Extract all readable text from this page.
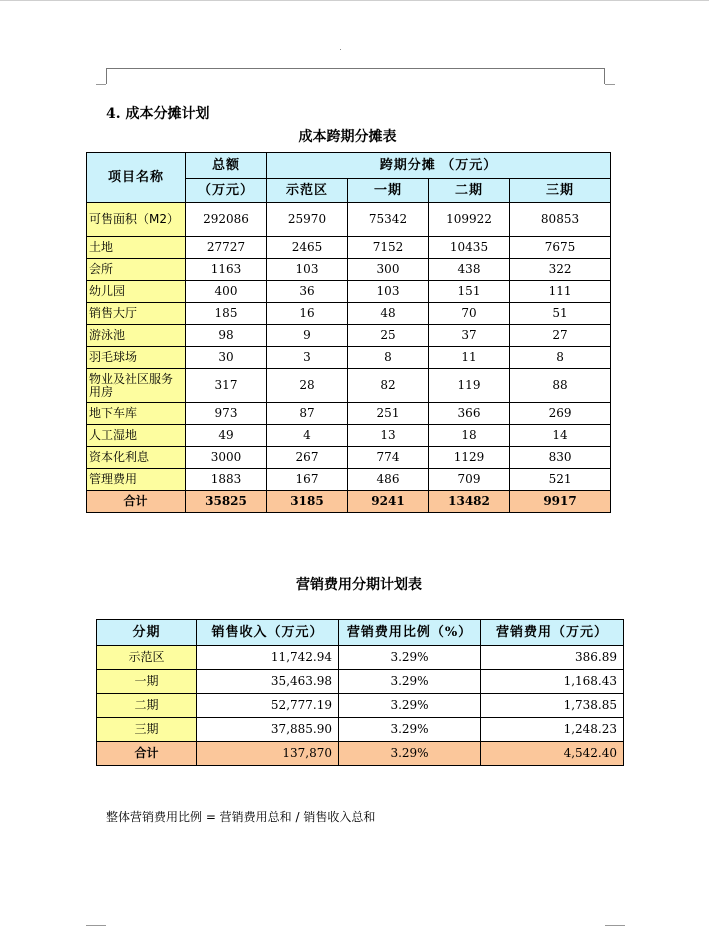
4. 成本分摊计划
成本跨期分摊表
项目名称	总额	跨期分摊 （万元）			
	（万元）	示范区	一期	二期	三期
可售面积（M2）	292086	25970	75342	109922	80853
土地	27727	2465	7152	10435	7675
会所	1163	103	300	438	322
幼儿园	400	36	103	151	111
销售大厅	185	16	48	70	51
游泳池	98	9	25	37	27
羽毛球场	30	3	8	11	8
物业及社区服务用房	317	28	82	119	88
地下车库	973	87	251	366	269
人工湿地	49	4	13	18	14
资本化利息	3000	267	774	1129	830
管理费用	1883	167	486	709	521
合计	35825	3185	9241	13482	9917
营销费用分期计划表
分期	销售收入（万元）	营销费用比例（%）	营销费用（万元）
示范区	11,742.94	3.29%	386.89
一期	35,463.98	3.29%	1,168.43
二期	52,777.19	3.29%	1,738.85
三期	37,885.90	3.29%	1,248.23
合计	137,870	3.29%	4,542.40
整体营销费用比例 = 营销费用总和 / 销售收入总和
